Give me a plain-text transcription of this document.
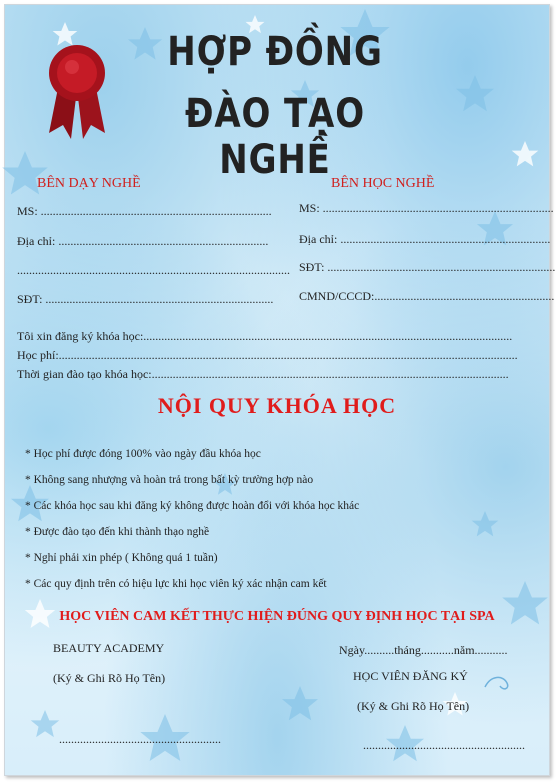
HỢP ĐỒNG
ĐÀO TẠO NGHỀ
BÊN DẠY NGHỀ	BÊN HỌC NGHỀ
MS: .............................................................................
Địa chỉ: ......................................................................
...........................................................................................
SĐT: ............................................................................
MS: .............................................................................
Địa chỉ: ......................................................................
SĐT: ............................................................................
CMND/CCCD:............................................................
Tôi xin đăng ký khóa học:...........................................................................................................................
Học phí:.........................................................................................................................................................
Thời gian đào tạo khóa học:.......................................................................................................................
NỘI QUY KHÓA HỌC
* Học phí được đóng 100% vào ngày đầu khóa học
* Không sang nhượng và hoàn trả trong bất kỳ trường hợp nào
* Các khóa học sau khi đăng ký không được hoàn đổi với khóa học khác
* Được đào tạo đến khi thành thạo nghề
* Nghỉ phải xin phép ( Không quá 1 tuần)
* Các quy định trên có hiệu lực khi học viên ký xác nhận cam kết
HỌC VIÊN CAM KẾT THỰC HIỆN ĐÚNG QUY ĐỊNH HỌC TẠI SPA
BEAUTY ACADEMY
(Ký & Ghi Rõ Họ Tên)
......................................................
Ngày..........tháng...........năm...........
HỌC VIÊN ĐĂNG KÝ
(Ký & Ghi Rõ Họ Tên)
......................................................
